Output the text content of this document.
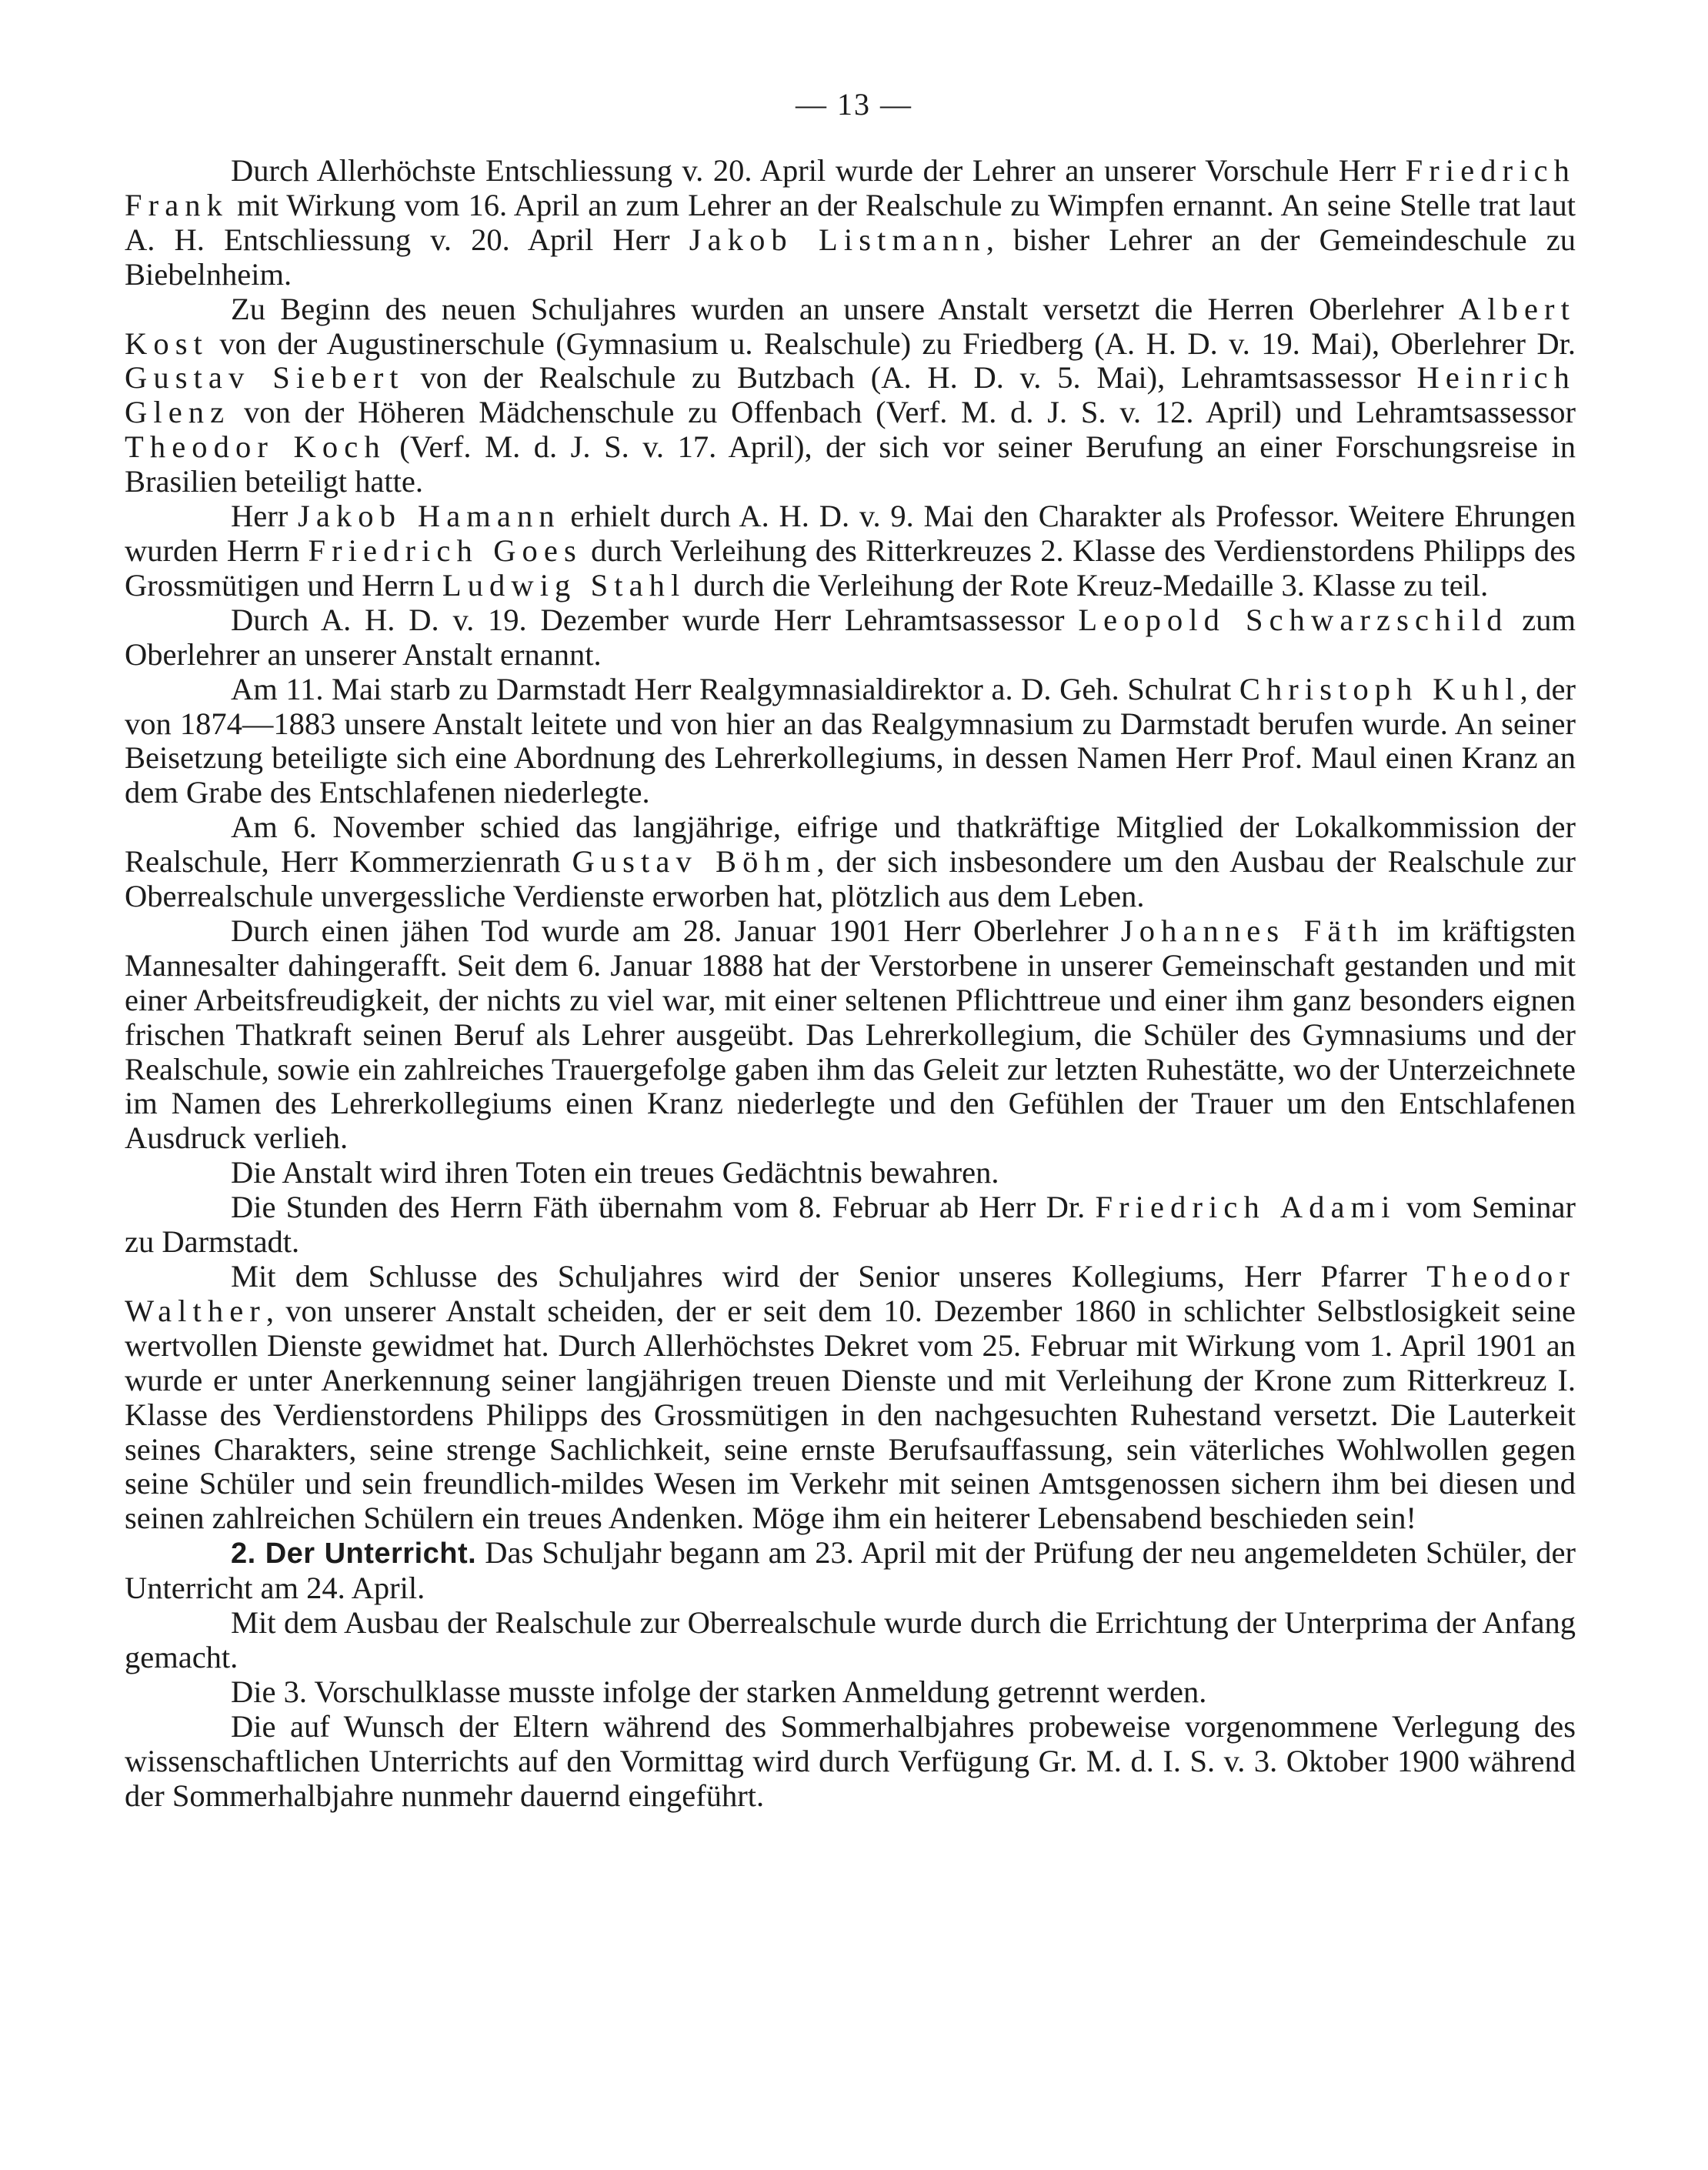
— 13 —

Durch Allerhöchste Entschliessung v. 20. April wurde der Lehrer an unserer Vorschule Herr Friedrich Frank mit Wirkung vom 16. April an zum Lehrer an der Realschule zu Wimpfen ernannt. An seine Stelle trat laut A. H. Entschliessung v. 20. April Herr Jakob Listmann, bisher Lehrer an der Gemeindeschule zu Biebelnheim.

Zu Beginn des neuen Schuljahres wurden an unsere Anstalt versetzt die Herren Oberlehrer Albert Kost von der Augustinerschule (Gymnasium u. Realschule) zu Friedberg (A. H. D. v. 19. Mai), Oberlehrer Dr. Gustav Siebert von der Realschule zu Butzbach (A. H. D. v. 5. Mai), Lehramtsassessor Heinrich Glenz von der Höheren Mädchenschule zu Offenbach (Verf. M. d. J. S. v. 12. April) und Lehramtsassessor Theodor Koch (Verf. M. d. J. S. v. 17. April), der sich vor seiner Berufung an einer Forschungsreise in Brasilien beteiligt hatte.

Herr Jakob Hamann erhielt durch A. H. D. v. 9. Mai den Charakter als Professor. Weitere Ehrungen wurden Herrn Friedrich Goes durch Verleihung des Ritterkreuzes 2. Klasse des Verdienstordens Philipps des Grossmütigen und Herrn Ludwig Stahl durch die Verleihung der Rote Kreuz-Medaille 3. Klasse zu teil.

Durch A. H. D. v. 19. Dezember wurde Herr Lehramtsassessor Leopold Schwarzschild zum Oberlehrer an unserer Anstalt ernannt.

Am 11. Mai starb zu Darmstadt Herr Realgymnasialdirektor a. D. Geh. Schulrat Christoph Kuhl, der von 1874—1883 unsere Anstalt leitete und von hier an das Realgymnasium zu Darmstadt berufen wurde. An seiner Beisetzung beteiligte sich eine Abordnung des Lehrerkollegiums, in dessen Namen Herr Prof. Maul einen Kranz an dem Grabe des Entschlafenen niederlegte.

Am 6. November schied das langjährige, eifrige und thatkräftige Mitglied der Lokalkommission der Realschule, Herr Kommerzienrath Gustav Böhm, der sich insbesondere um den Ausbau der Realschule zur Oberrealschule unvergessliche Verdienste erworben hat, plötzlich aus dem Leben.

Durch einen jähen Tod wurde am 28. Januar 1901 Herr Oberlehrer Johannes Fäth im kräftigsten Mannesalter dahingerafft. Seit dem 6. Januar 1888 hat der Verstorbene in unserer Gemeinschaft gestanden und mit einer Arbeitsfreudigkeit, der nichts zu viel war, mit einer seltenen Pflichttreue und einer ihm ganz besonders eignen frischen Thatkraft seinen Beruf als Lehrer ausgeübt. Das Lehrerkollegium, die Schüler des Gymnasiums und der Realschule, sowie ein zahlreiches Trauergefolge gaben ihm das Geleit zur letzten Ruhestätte, wo der Unterzeichnete im Namen des Lehrerkollegiums einen Kranz niederlegte und den Gefühlen der Trauer um den Entschlafenen Ausdruck verlieh.

Die Anstalt wird ihren Toten ein treues Gedächtnis bewahren.

Die Stunden des Herrn Fäth übernahm vom 8. Februar ab Herr Dr. Friedrich Adami vom Seminar zu Darmstadt.

Mit dem Schlusse des Schuljahres wird der Senior unseres Kollegiums, Herr Pfarrer Theodor Walther, von unserer Anstalt scheiden, der er seit dem 10. Dezember 1860 in schlichter Selbstlosigkeit seine wertvollen Dienste gewidmet hat. Durch Allerhöchstes Dekret vom 25. Februar mit Wirkung vom 1. April 1901 an wurde er unter Anerkennung seiner langjährigen treuen Dienste und mit Verleihung der Krone zum Ritterkreuz I. Klasse des Verdienstordens Philipps des Grossmütigen in den nachgesuchten Ruhestand versetzt. Die Lauterkeit seines Charakters, seine strenge Sachlichkeit, seine ernste Berufsauffassung, sein väterliches Wohlwollen gegen seine Schüler und sein freundlich-mildes Wesen im Verkehr mit seinen Amtsgenossen sichern ihm bei diesen und seinen zahlreichen Schülern ein treues Andenken. Möge ihm ein heiterer Lebensabend beschieden sein!

2. Der Unterricht. Das Schuljahr begann am 23. April mit der Prüfung der neu angemeldeten Schüler, der Unterricht am 24. April.

Mit dem Ausbau der Realschule zur Oberrealschule wurde durch die Errichtung der Unterprima der Anfang gemacht.

Die 3. Vorschulklasse musste infolge der starken Anmeldung getrennt werden.

Die auf Wunsch der Eltern während des Sommerhalbjahres probeweise vorgenommene Verlegung des wissenschaftlichen Unterrichts auf den Vormittag wird durch Verfügung Gr. M. d. I. S. v. 3. Oktober 1900 während der Sommerhalbjahre nunmehr dauernd eingeführt.
